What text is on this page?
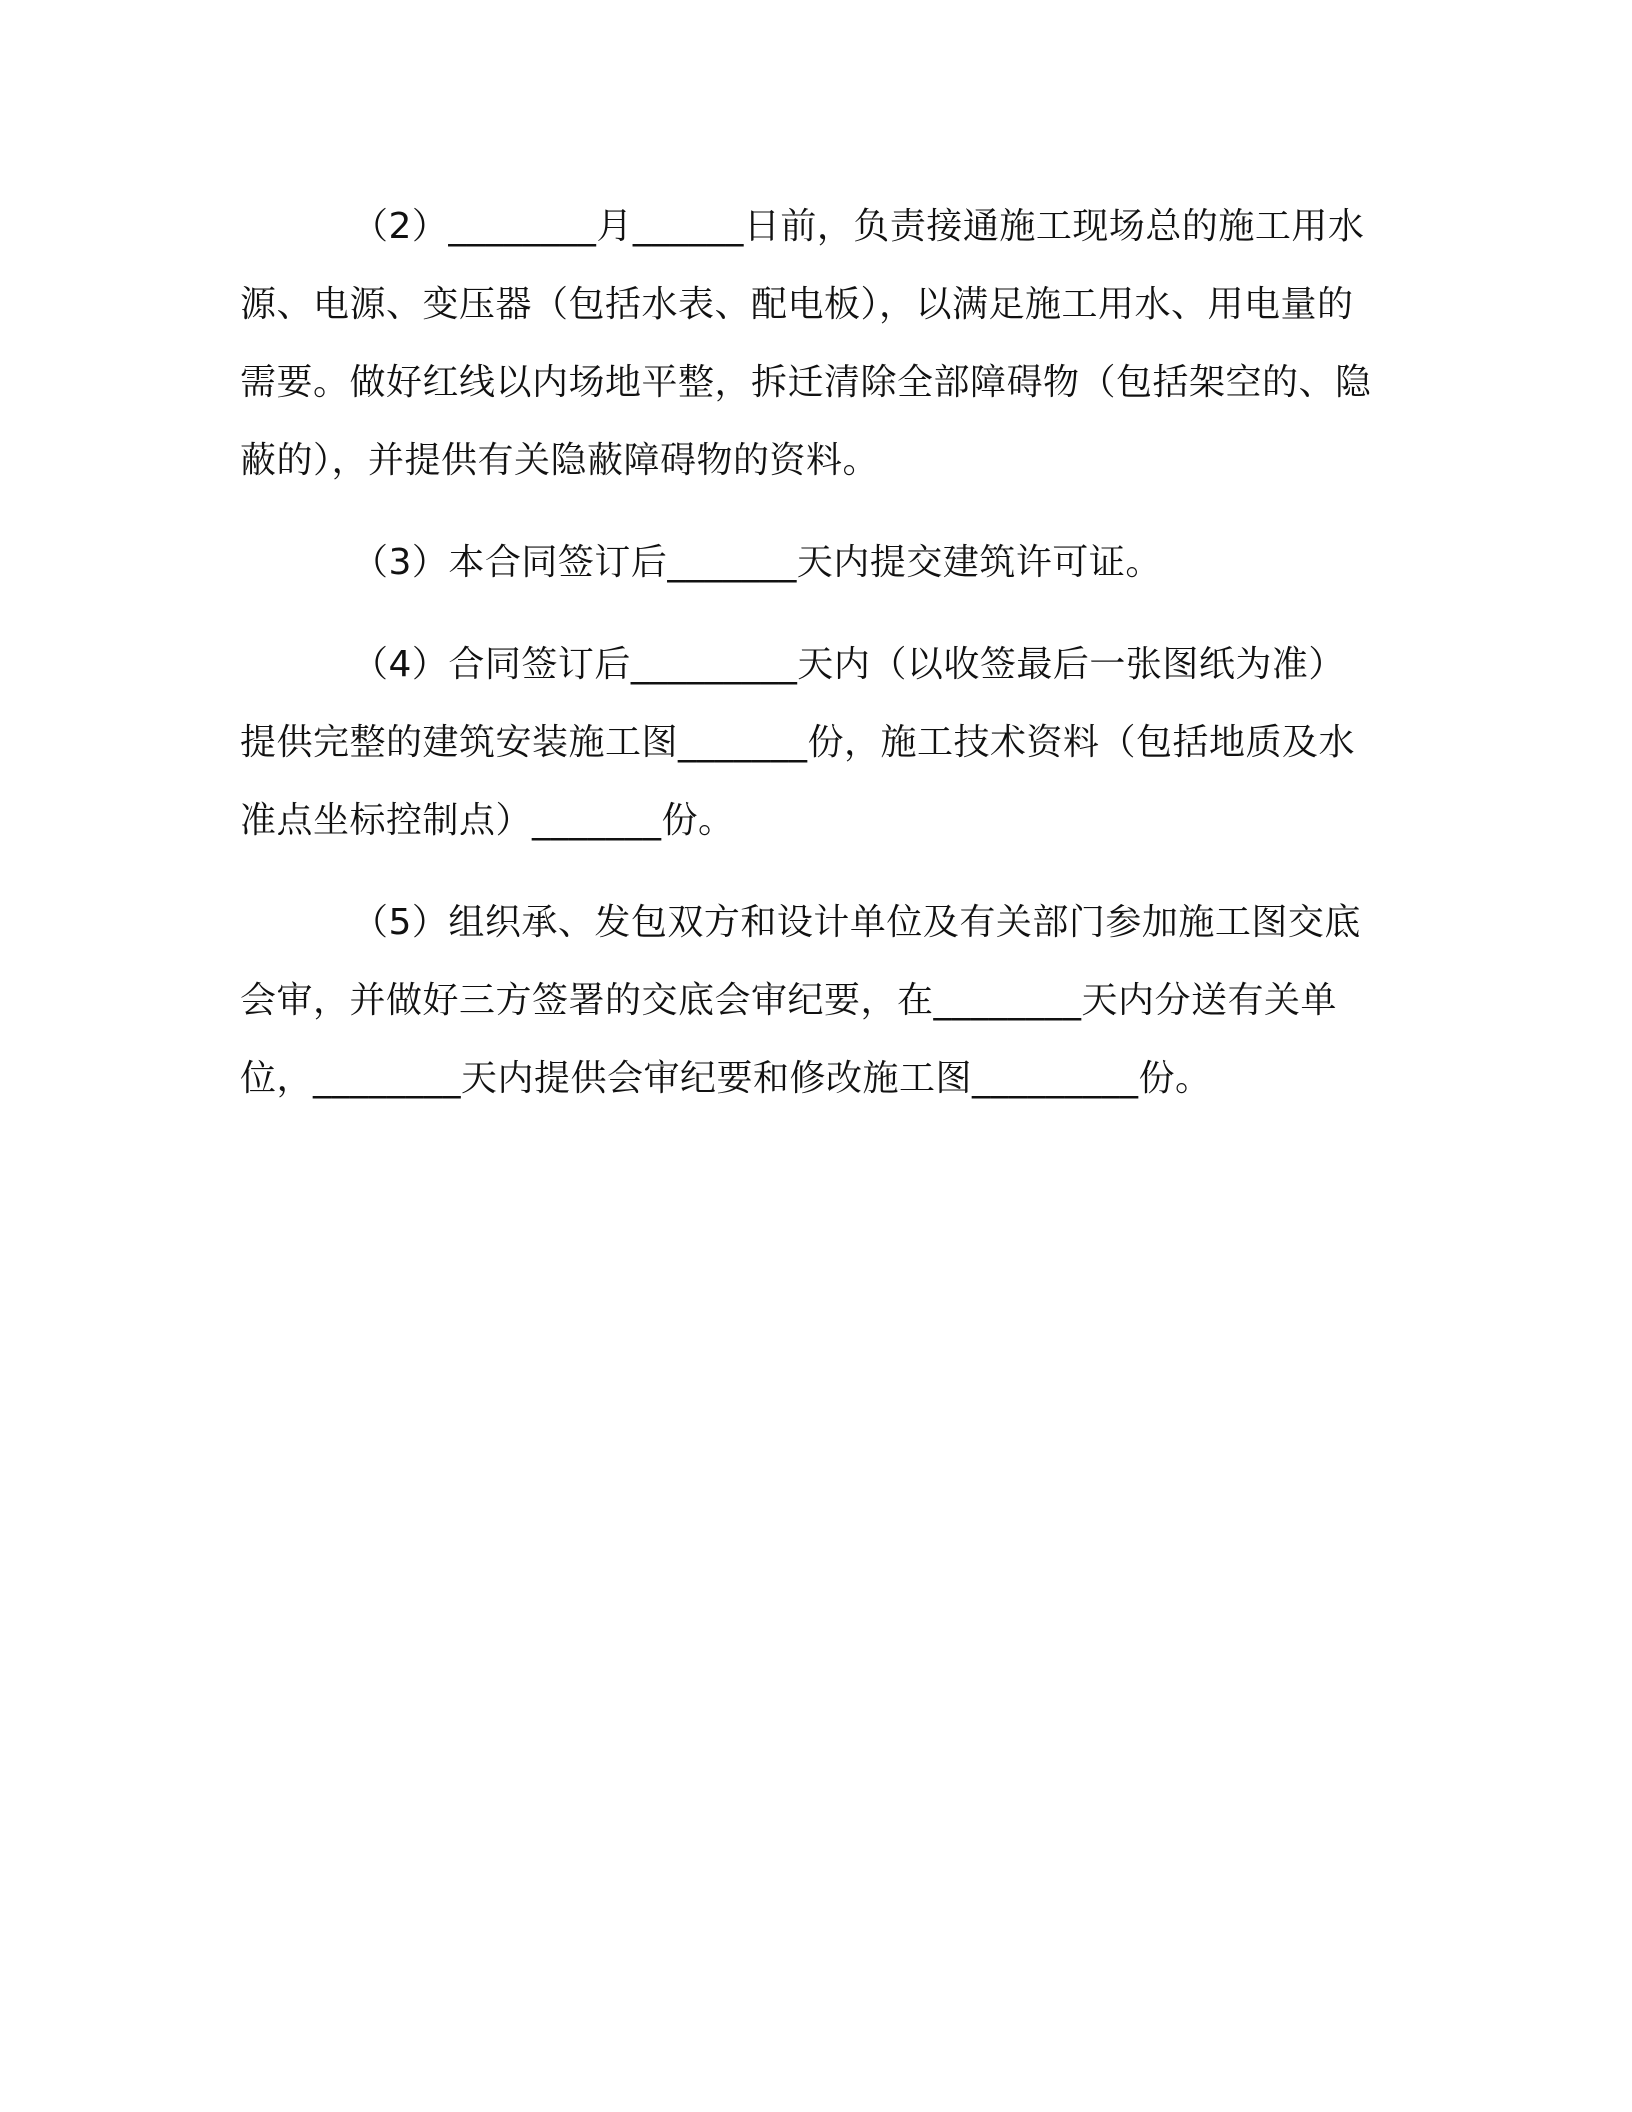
（2）________月______日前，负责接通施工现场总的施工用水源、电源、变压器（包括水表、配电板），以满足施工用水、用电量的需要。做好红线以内场地平整，拆迁清除全部障碍物（包括架空的、隐蔽的），并提供有关隐蔽障碍物的资料。

（3）本合同签订后_______天内提交建筑许可证。

（4）合同签订后_________天内（以收签最后一张图纸为准）提供完整的建筑安装施工图_______份，施工技术资料（包括地质及水准点坐标控制点）_______份。

（5）组织承、发包双方和设计单位及有关部门参加施工图交底会审，并做好三方签署的交底会审纪要，在________天内分送有关单位，________天内提供会审纪要和修改施工图_________份。
